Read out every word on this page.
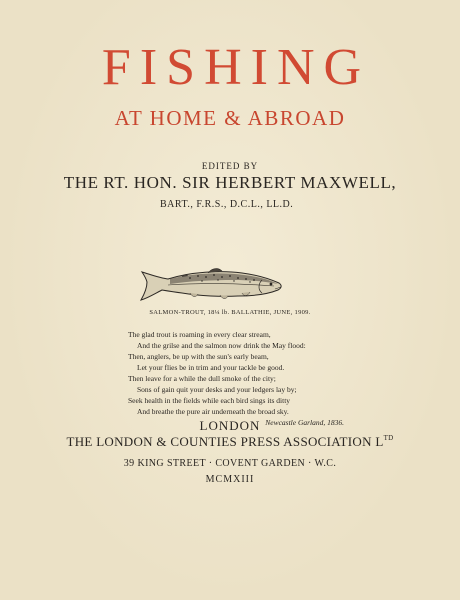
FISHING
AT HOME & ABROAD
EDITED BY
THE RT. HON. SIR HERBERT MAXWELL,
BART., F.R.S., D.C.L., LL.D.
SALMON-TROUT, 18¼ lb. BALLATHIE, JUNE, 1909.
The glad trout is roaming in every clear stream,
And the grilse and the salmon now drink the May flood:
Then, anglers, be up with the sun's early beam,
Let your flies be in trim and your tackle be good.
Then leave for a while the dull smoke of the city;
Sons of gain quit your desks and your ledgers lay by;
Seek health in the fields while each bird sings its ditty
And breathe the pure air underneath the broad sky.
Newcastle Garland, 1836.
LONDON
THE LONDON & COUNTIES PRESS ASSOCIATION $L^{TD}$
39 KING STREET · COVENT GARDEN · W.C.
MCMXIII
